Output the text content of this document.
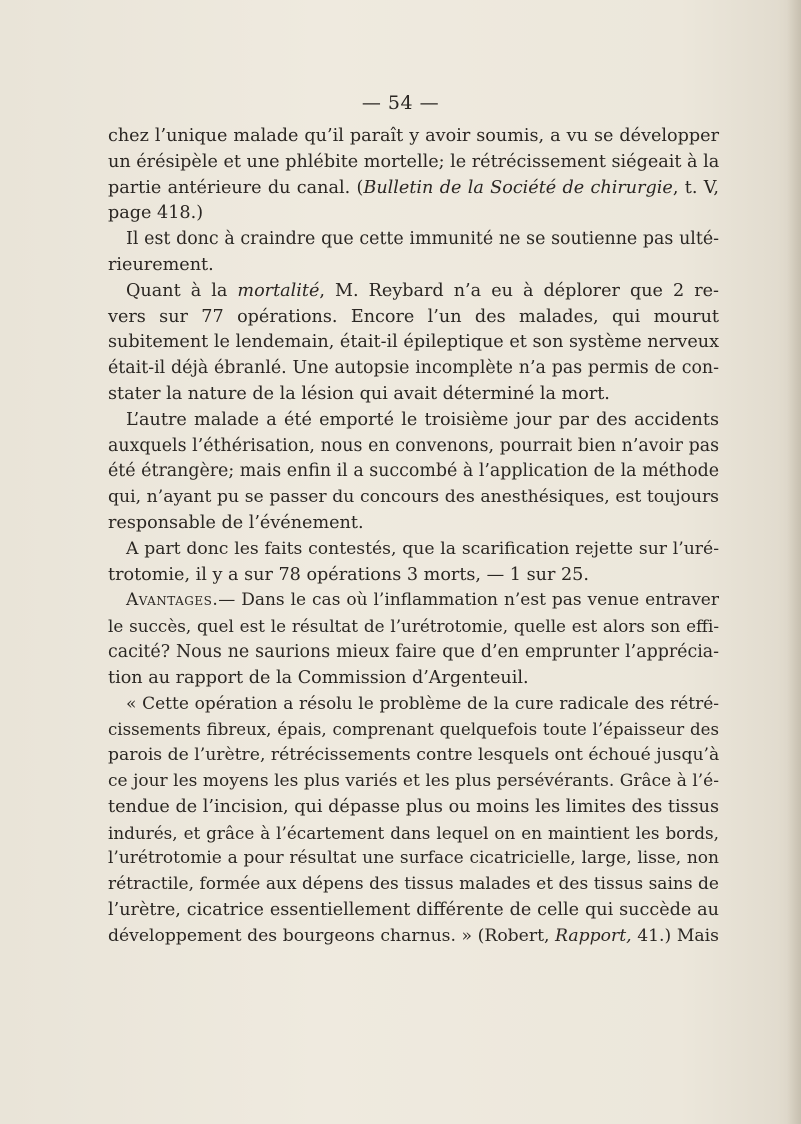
— 54 —

chez l’unique malade qu’il paraît y avoir soumis, a vu se développer

un érésipèle et une phlébite mortelle; le rétrécissement siégeait à la

partie antérieure du canal. (Bulletin de la Société de chirurgie, t. V,

page 418.)

Il est donc à craindre que cette immunité ne se soutienne pas ulté-

rieurement.

Quant à la mortalité, M. Reybard n’a eu à déplorer que 2 re-

vers sur 77 opérations. Encore l’un des malades, qui mourut

subitement le lendemain, était-il épileptique et son système nerveux

était-il déjà ébranlé. Une autopsie incomplète n’a pas permis de con-

stater la nature de la lésion qui avait déterminé la mort.

L’autre malade a été emporté le troisième jour par des accidents

auxquels l’éthérisation, nous en convenons, pourrait bien n’avoir pas

été étrangère; mais enfin il a succombé à l’application de la méthode

qui, n’ayant pu se passer du concours des anesthésiques, est toujours

responsable de l’événement.

A part donc les faits contestés, que la scarification rejette sur l’uré-

trotomie, il y a sur 78 opérations 3 morts, — 1 sur 25.

Avantages.— Dans le cas où l’inflammation n’est pas venue entraver

le succès, quel est le résultat de l’urétrotomie, quelle est alors son effi-

cacité? Nous ne saurions mieux faire que d’en emprunter l’apprécia-

tion au rapport de la Commission d’Argenteuil.

« Cette opération a résolu le problème de la cure radicale des rétré-

cissements fibreux, épais, comprenant quelquefois toute l’épaisseur des

parois de l’urètre, rétrécissements contre lesquels ont échoué jusqu’à

ce jour les moyens les plus variés et les plus persévérants. Grâce à l’é-

tendue de l’incision, qui dépasse plus ou moins les limites des tissus

indurés, et grâce à l’écartement dans lequel on en maintient les bords,

l’urétrotomie a pour résultat une surface cicatricielle, large, lisse, non

rétractile, formée aux dépens des tissus malades et des tissus sains de

l’urètre, cicatrice essentiellement différente de celle qui succède au

développement des bourgeons charnus. » (Robert, Rapport, 41.) Mais
